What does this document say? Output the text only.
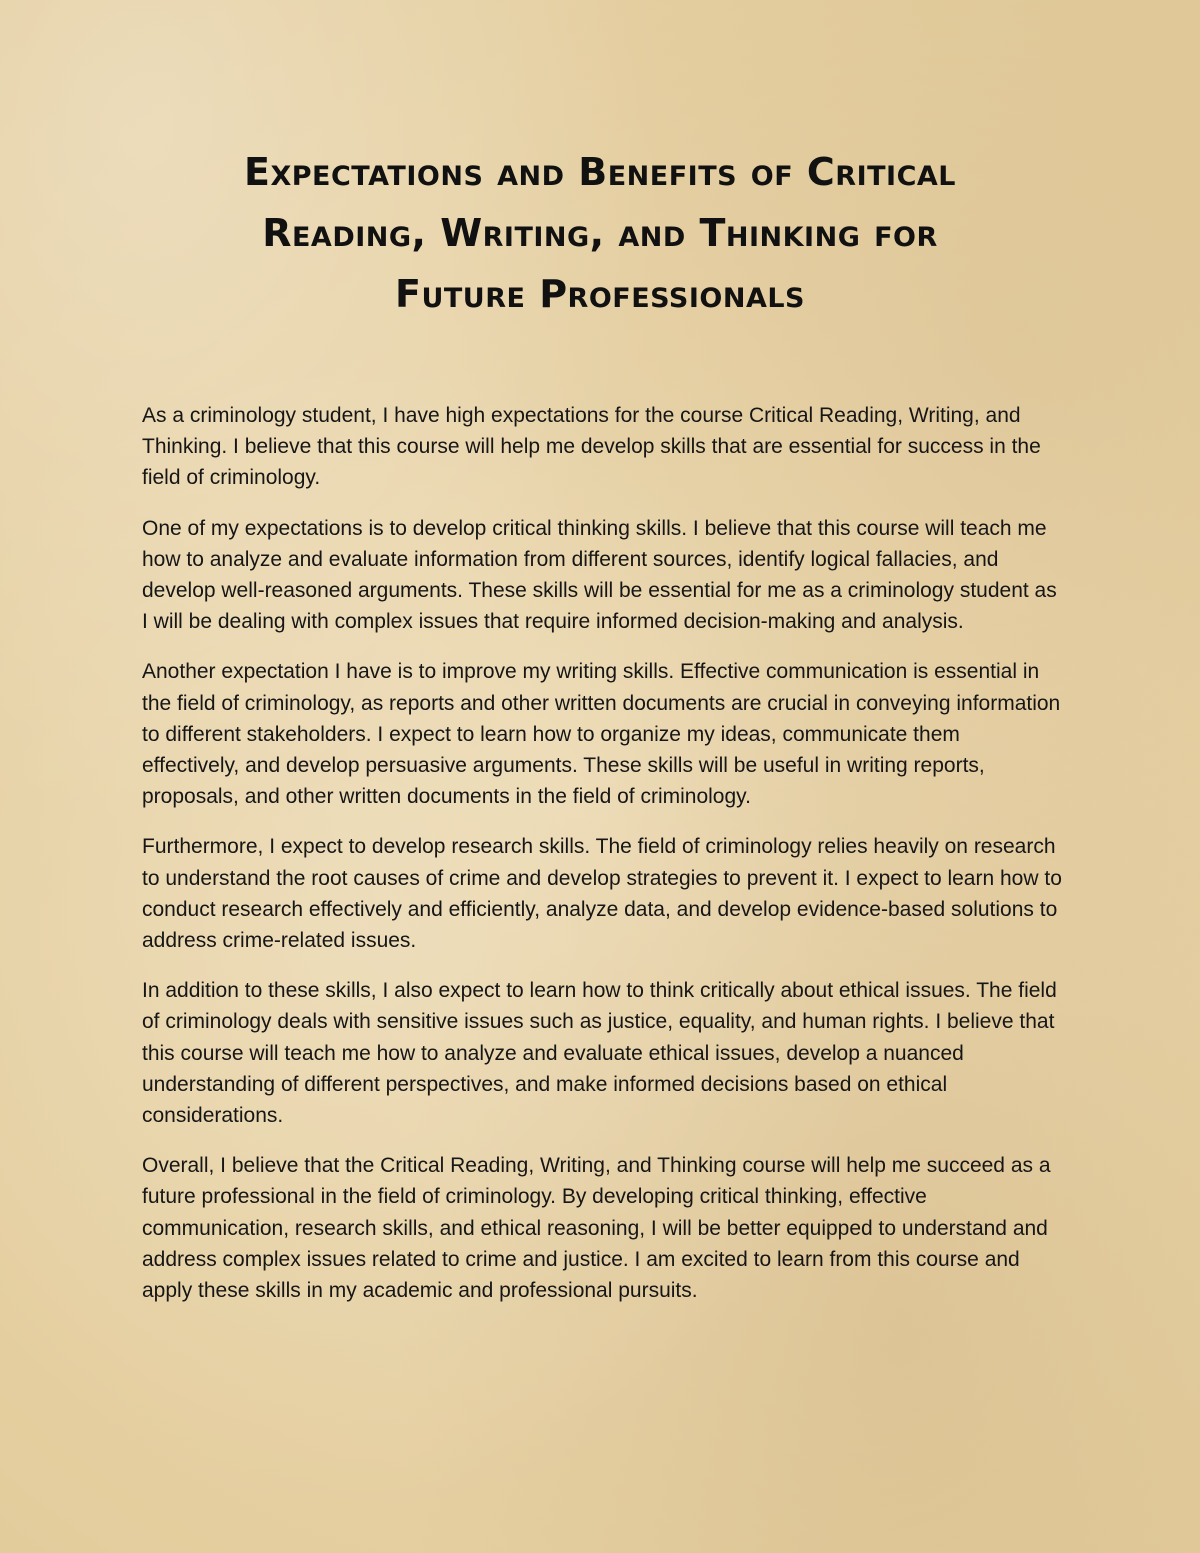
Expectations and Benefits of Critical
Reading, Writing, and Thinking for
Future Professionals

As a criminology student, I have high expectations for the course Critical Reading, Writing, and Thinking. I believe that this course will help me develop skills that are essential for success in the field of criminology.

One of my expectations is to develop critical thinking skills. I believe that this course will teach me how to analyze and evaluate information from different sources, identify logical fallacies, and develop well-reasoned arguments. These skills will be essential for me as a criminology student as I will be dealing with complex issues that require informed decision-making and analysis.

Another expectation I have is to improve my writing skills. Effective communication is essential in the field of criminology, as reports and other written documents are crucial in conveying information to different stakeholders. I expect to learn how to organize my ideas, communicate them effectively, and develop persuasive arguments. These skills will be useful in writing reports, proposals, and other written documents in the field of criminology.

Furthermore, I expect to develop research skills. The field of criminology relies heavily on research to understand the root causes of crime and develop strategies to prevent it. I expect to learn how to conduct research effectively and efficiently, analyze data, and develop evidence-based solutions to address crime-related issues.

In addition to these skills, I also expect to learn how to think critically about ethical issues. The field of criminology deals with sensitive issues such as justice, equality, and human rights. I believe that this course will teach me how to analyze and evaluate ethical issues, develop a nuanced understanding of different perspectives, and make informed decisions based on ethical considerations.

Overall, I believe that the Critical Reading, Writing, and Thinking course will help me succeed as a future professional in the field of criminology. By developing critical thinking, effective communication, research skills, and ethical reasoning, I will be better equipped to understand and address complex issues related to crime and justice. I am excited to learn from this course and apply these skills in my academic and professional pursuits.
